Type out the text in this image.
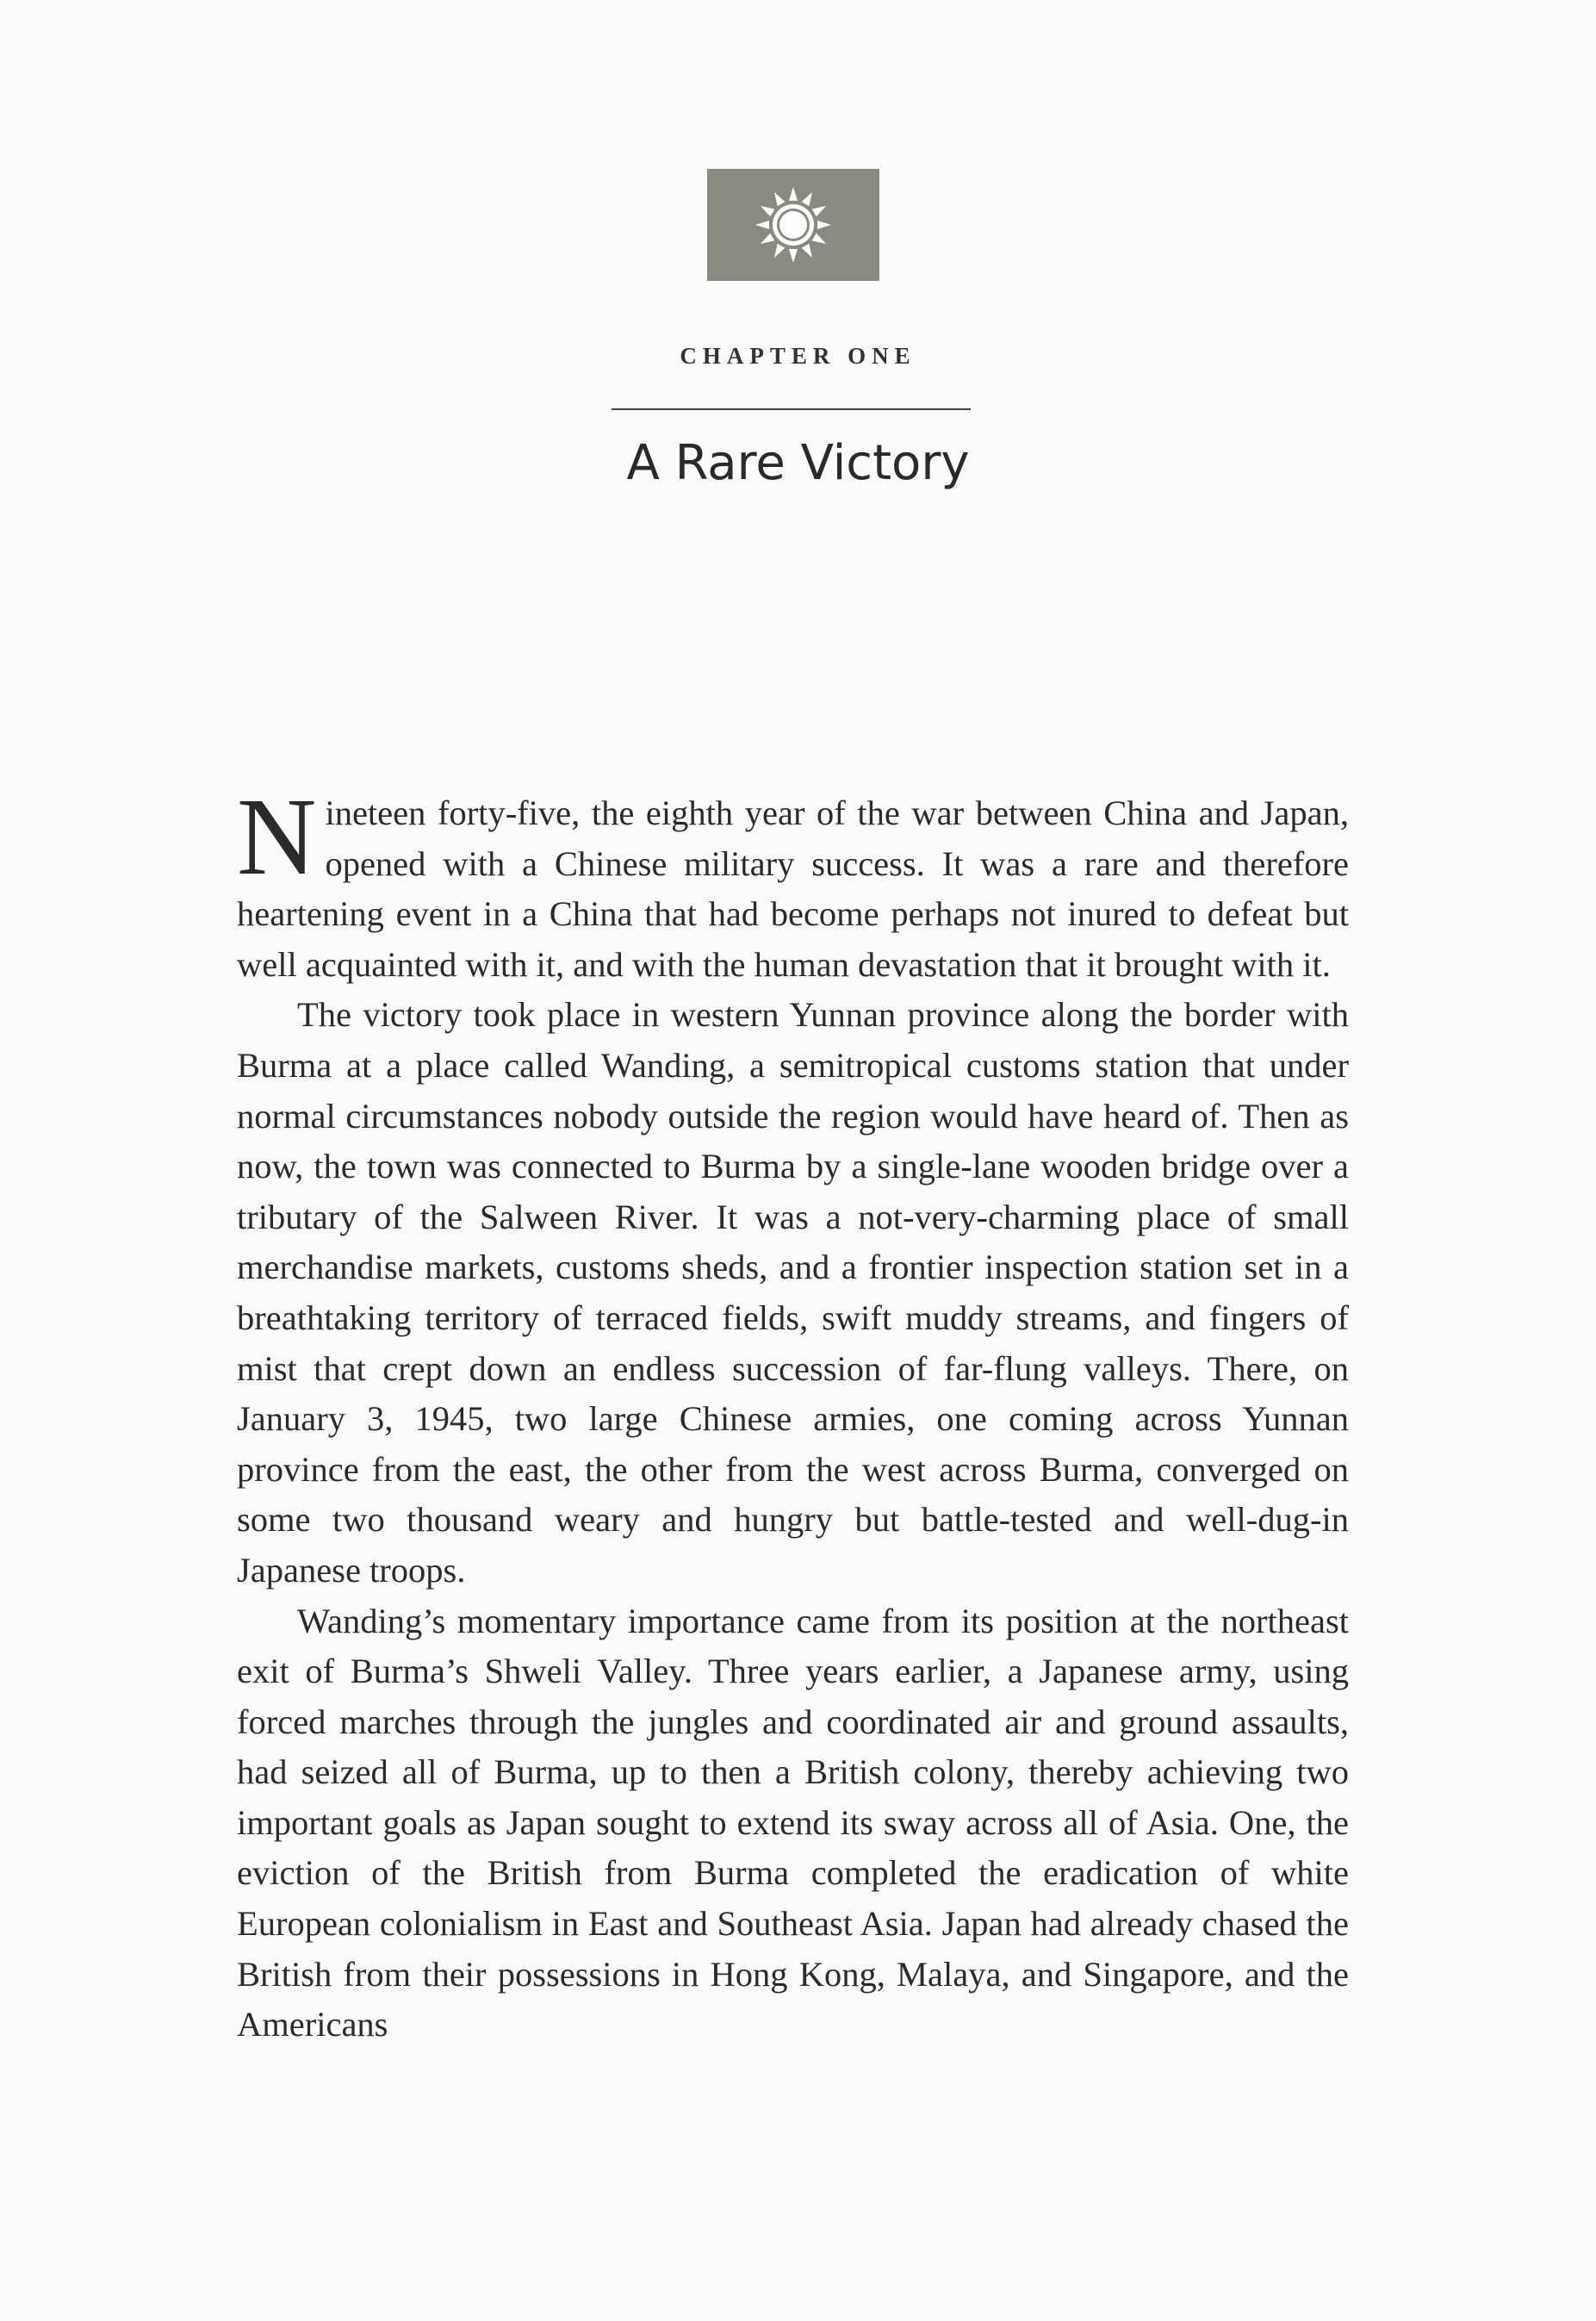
CHAPTER ONE
A Rare Victory

Nineteen forty-five, the eighth year of the war between China and Japan, opened with a Chinese military success. It was a rare and therefore heartening event in a China that had become perhaps not inured to defeat but well acquainted with it, and with the human devastation that it brought with it.

The victory took place in western Yunnan province along the border with Burma at a place called Wanding, a semitropical customs station that under normal circumstances nobody outside the region would have heard of. Then as now, the town was connected to Burma by a single-lane wooden bridge over a tributary of the Salween River. It was a not-very-charming place of small merchandise markets, customs sheds, and a frontier inspection station set in a breathtaking territory of terraced fields, swift muddy streams, and fingers of mist that crept down an endless succession of far-flung valleys. There, on January 3, 1945, two large Chinese armies, one coming across Yunnan province from the east, the other from the west across Burma, converged on some two thousand weary and hungry but battle-tested and well-dug-in Japanese troops.

Wanding’s momentary importance came from its position at the northeast exit of Burma’s Shweli Valley. Three years earlier, a Japanese army, using forced marches through the jungles and coordinated air and ground assaults, had seized all of Burma, up to then a British colony, thereby achieving two important goals as Japan sought to extend its sway across all of Asia. One, the eviction of the British from Burma completed the eradication of white European colonialism in East and Southeast Asia. Japan had already chased the British from their possessions in Hong Kong, Malaya, and Singapore, and the Americans
